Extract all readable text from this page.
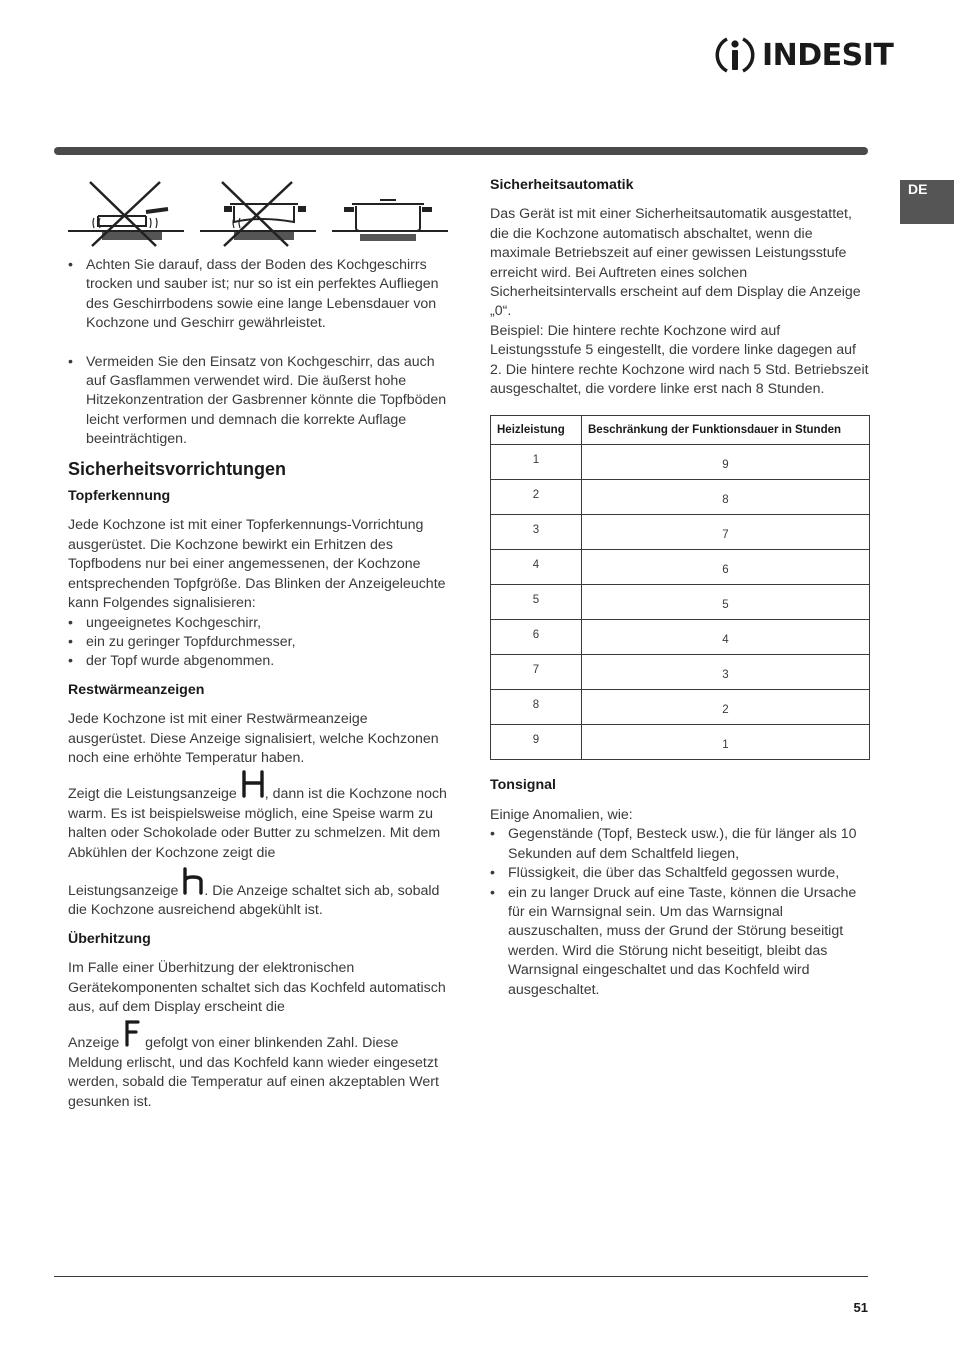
INDESIT
DE
• Achten Sie darauf, dass der Boden des Kochgeschirrs trocken und sauber ist; nur so ist ein perfektes Aufliegen des Geschirrbodens sowie eine lange Lebensdauer von Kochzone und Geschirr gewährleistet.
• Vermeiden Sie den Einsatz von Kochgeschirr, das auch auf Gasflammen verwendet wird. Die äußerst hohe Hitzekonzentration der Gasbrenner könnte die Topfböden leicht verformen und demnach die korrekte Auflage beeinträchtigen.
Sicherheitsvorrichtungen
Topferkennung

Jede Kochzone ist mit einer Topferkennungs-Vorrichtung ausgerüstet. Die Kochzone bewirkt ein Erhitzen des Topfbodens nur bei einer angemessenen, der Kochzone entsprechenden Topfgröße. Das Blinken der Anzeigeleuchte kann Folgendes signalisieren:

• ungeeignetes Kochgeschirr,
• ein zu geringer Topfdurchmesser,
• der Topf wurde abgenommen.
Restwärmeanzeigen

Jede Kochzone ist mit einer Restwärmeanzeige ausgerüstet. Diese Anzeige signalisiert, welche Kochzonen noch eine erhöhte Temperatur haben.

Zeigt die Leistungsanzeige , dann ist die Kochzone noch warm. Es ist beispielsweise möglich, eine Speise warm zu halten oder Schokolade oder Butter zu schmelzen. Mit dem Abkühlen der Kochzone zeigt die
Leistungsanzeige . Die Anzeige schaltet sich ab, sobald die Kochzone ausreichend abgekühlt ist.

Überhitzung

Im Falle einer Überhitzung der elektronischen Gerätekomponenten schaltet sich das Kochfeld automatisch aus, auf dem Display erscheint die

Anzeige  gefolgt von einer blinkenden Zahl. Diese Meldung erlischt, und das Kochfeld kann wieder eingesetzt werden, sobald die Temperatur auf einen akzeptablen Wert gesunken ist.

Sicherheitsautomatik

Das Gerät ist mit einer Sicherheitsautomatik ausgestattet, die die Kochzone automatisch abschaltet, wenn die maximale Betriebszeit auf einer gewissen Leistungsstufe erreicht wird. Bei Auftreten eines solchen Sicherheitsintervalls erscheint auf dem Display die Anzeige „0“.

Beispiel: Die hintere rechte Kochzone wird auf Leistungsstufe 5 eingestellt, die vordere linke dagegen auf 2. Die hintere rechte Kochzone wird nach 5 Std. Betriebszeit ausgeschaltet, die vordere linke erst nach 8 Stunden.

Heizleistung	Beschränkung der Funktionsdauer in Stunden
1	9
2	8
3	7
4	6
5	5
6	4
7	3
8	2
9	1
Tonsignal

Einige Anomalien, wie:

• Gegenstände (Topf, Besteck usw.), die für länger als 10 Sekunden auf dem Schaltfeld liegen,
• Flüssigkeit, die über das Schaltfeld gegossen wurde,
• ein zu langer Druck auf eine Taste, können die Ursache für ein Warnsignal sein. Um das Warnsignal auszuschalten, muss der Grund der Störung beseitigt werden. Wird die Störung nicht beseitigt, bleibt das Warnsignal eingeschaltet und das Kochfeld wird ausgeschaltet.
51
